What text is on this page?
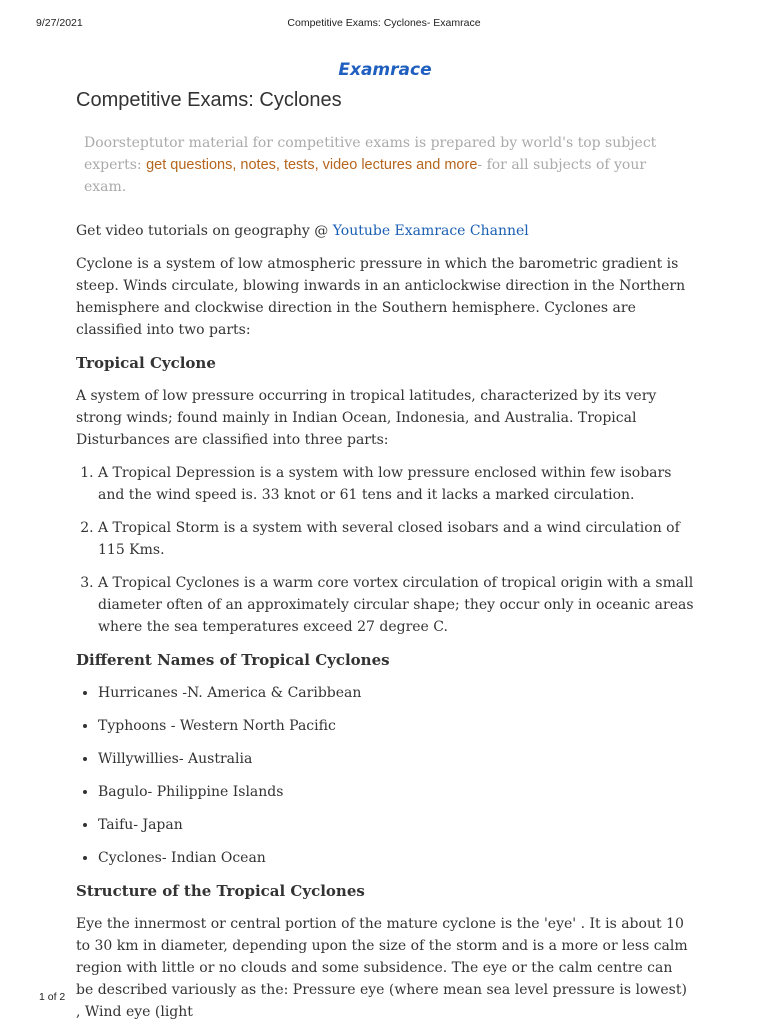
9/27/2021	Competitive Exams: Cyclones- Examrace
Examrace
Competitive Exams: Cyclones
Doorsteptutor material for competitive exams is prepared by world's top subject experts: get questions, notes, tests, video lectures and more- for all subjects of your exam.

Get video tutorials on geography @ Youtube Examrace Channel

Cyclone is a system of low atmospheric pressure in which the barometric gradient is steep. Winds circulate, blowing inwards in an anticlockwise direction in the Northern hemisphere and clockwise direction in the Southern hemisphere. Cyclones are classified into two parts:

Tropical Cyclone

A system of low pressure occurring in tropical latitudes, characterized by its very strong winds; found mainly in Indian Ocean, Indonesia, and Australia. Tropical Disturbances are classified into three parts:

1. A Tropical Depression is a system with low pressure enclosed within few isobars and the wind speed is. 33 knot or 61 tens and it lacks a marked circulation.
2. A Tropical Storm is a system with several closed isobars and a wind circulation of 115 Kms.
3. A Tropical Cyclones is a warm core vortex circulation of tropical origin with a small diameter often of an approximately circular shape; they occur only in oceanic areas where the sea temperatures exceed 27 degree C.
Different Names of Tropical Cyclones
• Hurricanes -N. America & Caribbean
• Typhoons - Western North Pacific
• Willywillies- Australia
• Bagulo- Philippine Islands
• Taifu- Japan
• Cyclones- Indian Ocean
Structure of the Tropical Cyclones

Eye the innermost or central portion of the mature cyclone is the 'eye' . It is about 10 to 30 km in diameter, depending upon the size of the storm and is a more or less calm region with little or no clouds and some subsidence. The eye or the calm centre can be described variously as the: Pressure eye (where mean sea level pressure is lowest) , Wind eye (light

1 of 2
